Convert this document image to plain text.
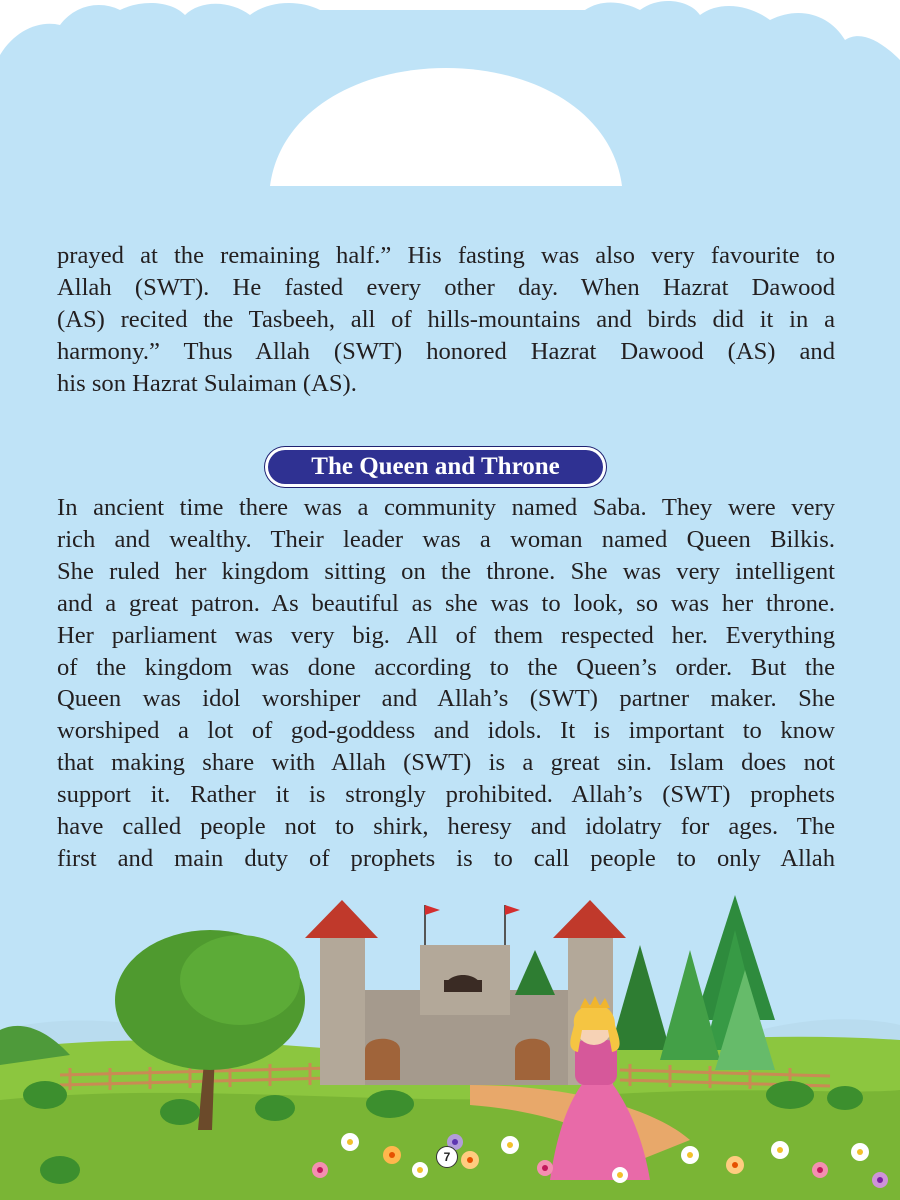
prayed at the remaining half.” His fasting was also very favourite to
Allah (SWT). He fasted every other day. When Hazrat Dawood
(AS) recited the Tasbeeh, all of hills-mountains and birds did it in a
harmony.” Thus Allah (SWT) honored Hazrat Dawood (AS) and
his son Hazrat Sulaiman (AS).

The Queen and Throne

In ancient time there was a community named Saba. They were very
rich and wealthy. Their leader was a woman named Queen Bilkis.
She ruled her kingdom sitting on the throne. She was very intelligent
and a great patron. As beautiful as she was to look, so was her throne.
Her parliament was very big. All of them respected her. Everything
of the kingdom was done according to the Queen’s order. But the
Queen was idol worshiper and Allah’s (SWT) partner maker. She
worshiped a lot of god-goddess and idols. It is important to know
that making share with Allah (SWT) is a great sin. Islam does not
support it. Rather it is strongly prohibited. Allah’s (SWT) prophets
have called people not to shirk, heresy and idolatry for ages. The
first and main duty of prophets is to call people to only Allah

7
